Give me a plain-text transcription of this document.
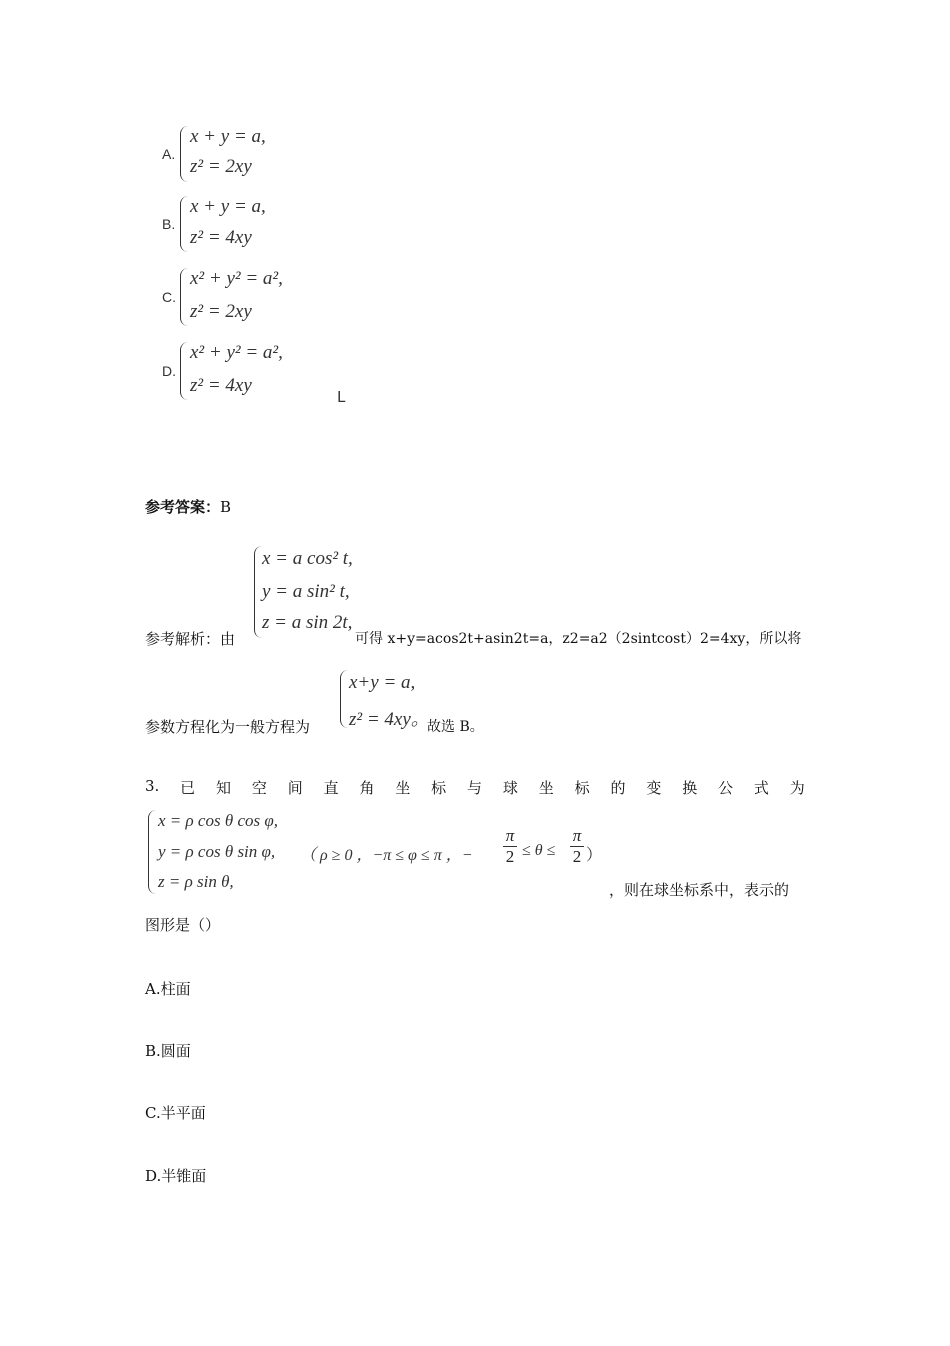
A.
x + y = a,
z² = 2xy
B.
x + y = a,
z² = 4xy
C.
x² + y² = a²,
z² = 2xy
D.
x² + y² = a²,
z² = 4xy
L
参考答案：B
参考解析：由
x = a cos² t,
y = a sin² t,
z = a sin 2t,
可得 x+y=acos2t+asin2t=a，z2=a2（2sintcost）2=4xy，所以将
参数方程化为一般方程为
x+y = a,
z² = 4xy。
故选 B。
3. 已 知 空 间 直 角 坐 标 与 球 坐 标 的 变 换 公 式 为
x = ρ cos θ cos φ,
y = ρ cos θ sin φ,
z = ρ sin θ,
（ ρ ≥ 0 ，−π ≤ φ ≤ π ，− $\frac{\pi}{2} \le \theta \le \frac{\pi}{2}$ ）
，则在球坐标系中，表示的
图形是（）
A.柱面
B.圆面
C.半平面
D.半锥面
